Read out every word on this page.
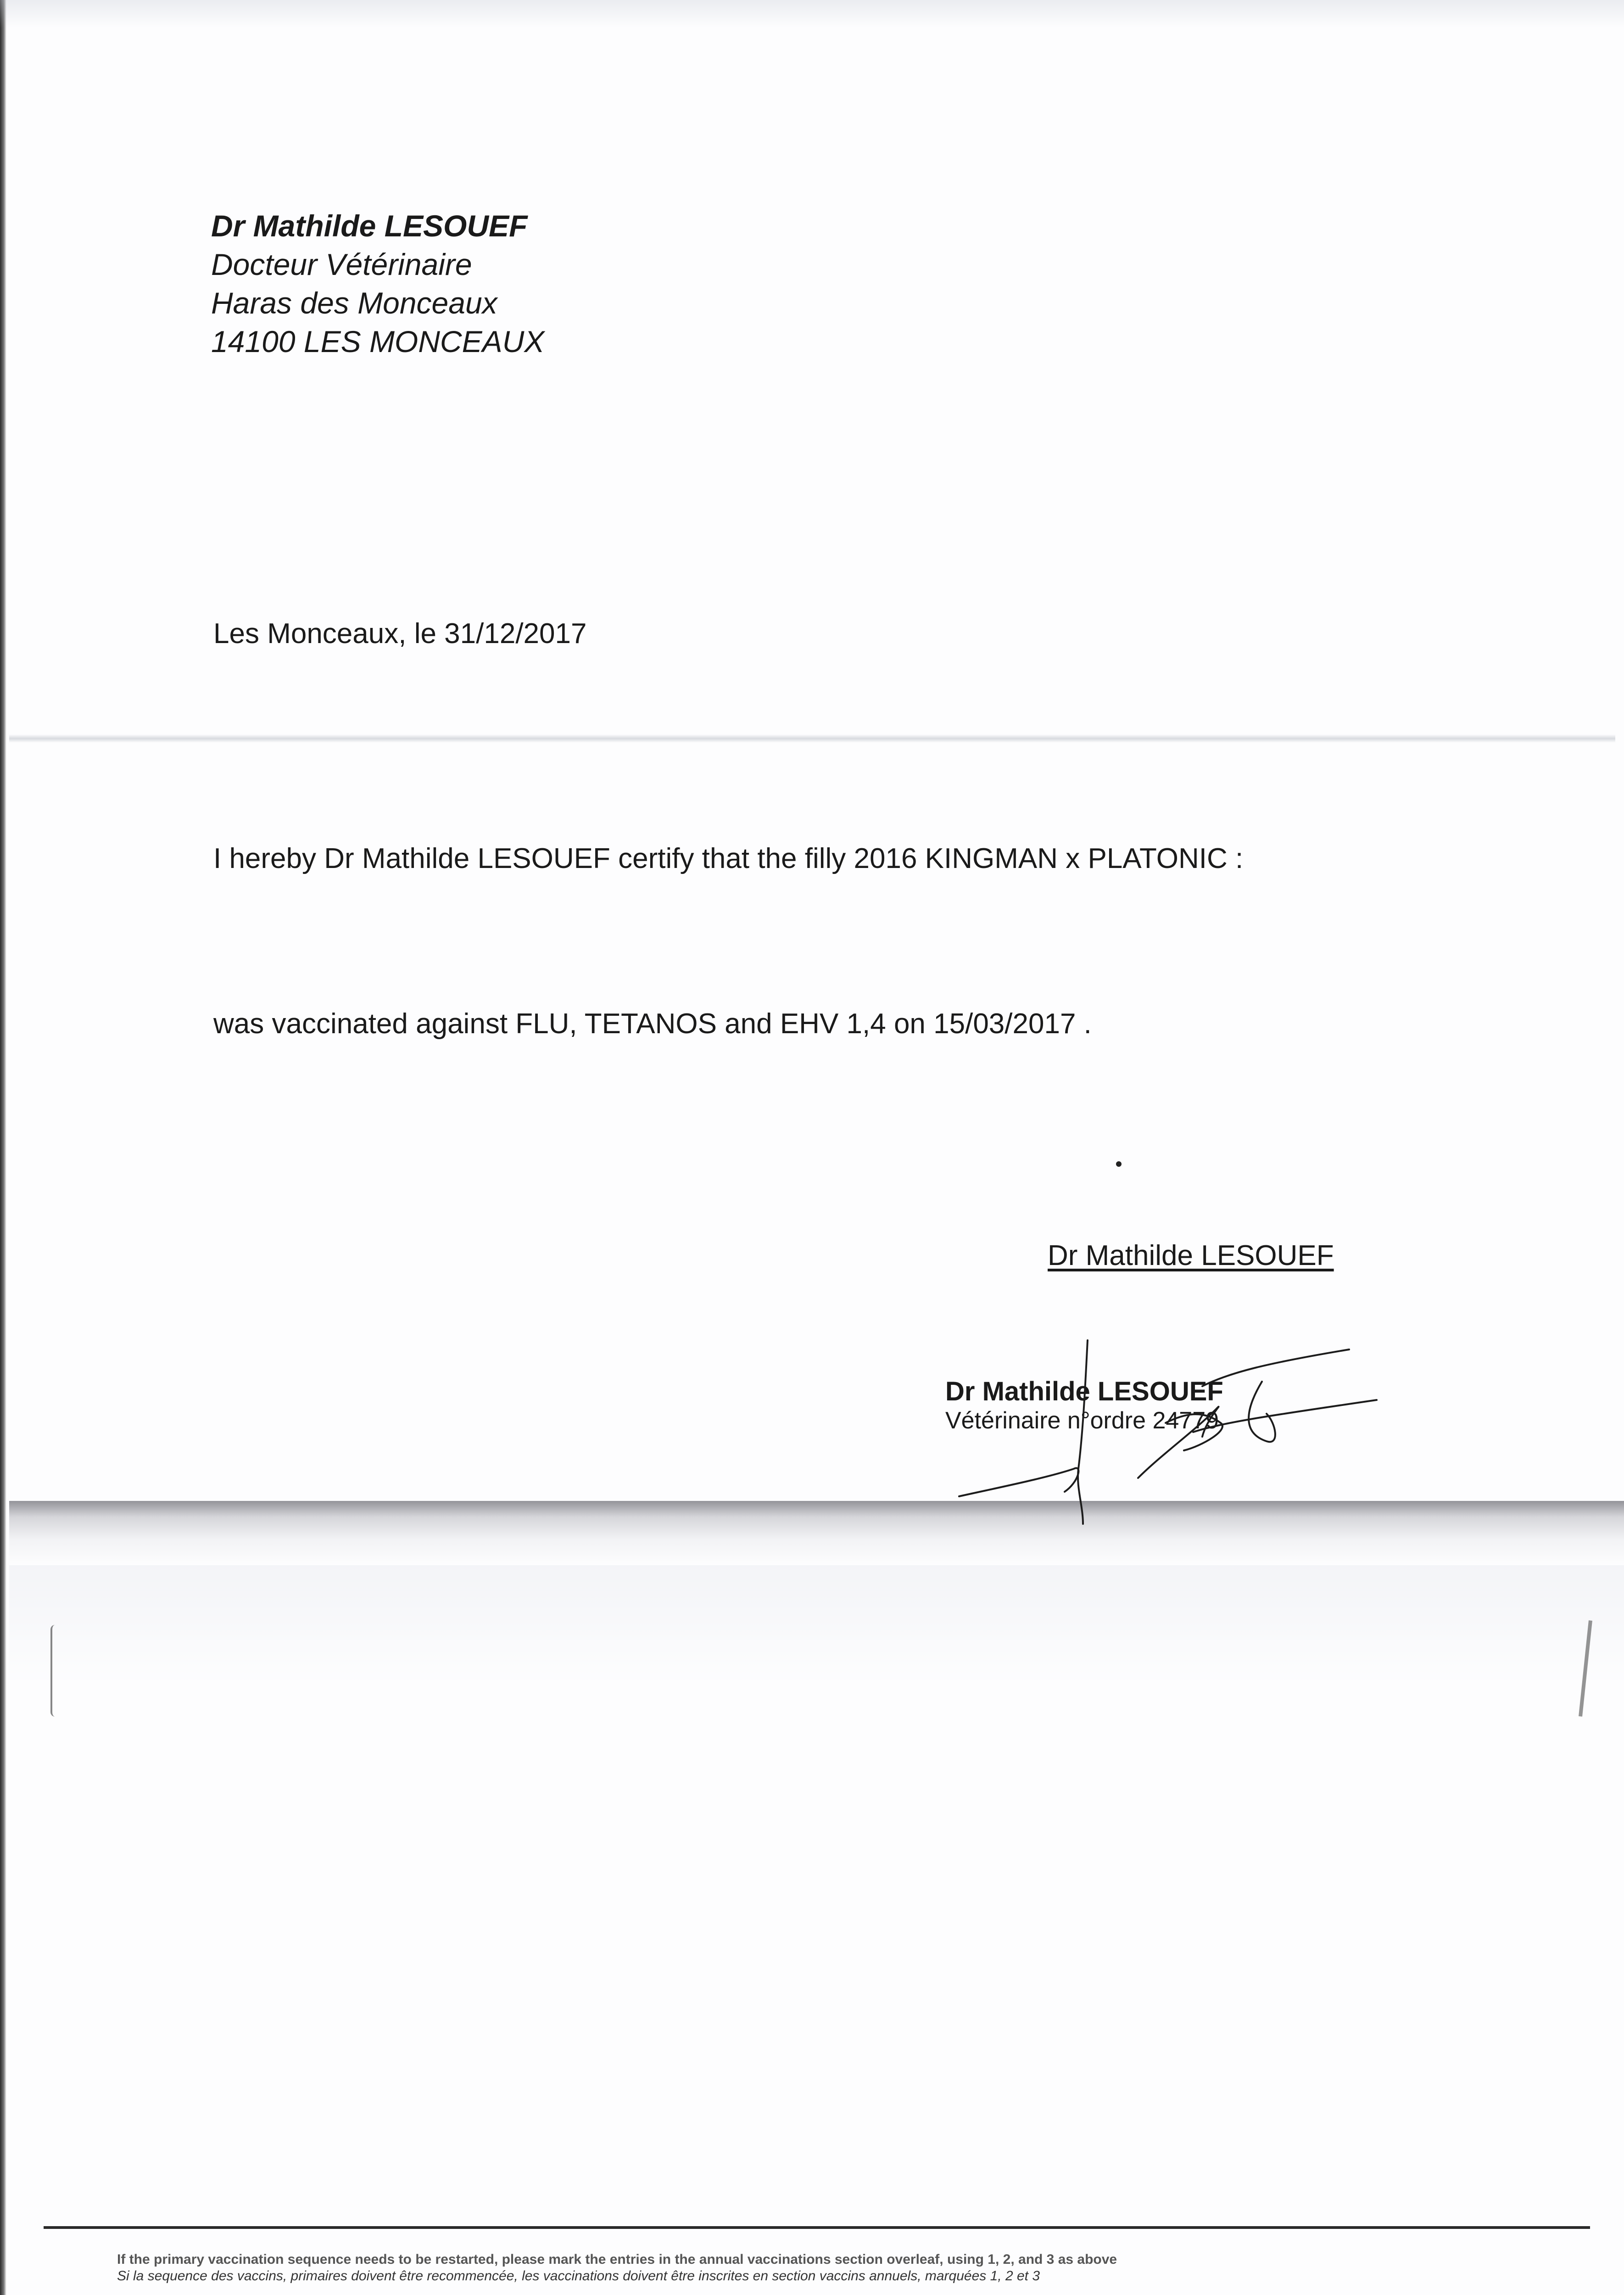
Dr Mathilde LESOUEF
Docteur Vétérinaire
Haras des Monceaux
14100 LES MONCEAUX
Les Monceaux, le 31/12/2017
I hereby Dr Mathilde LESOUEF certify that the filly 2016 KINGMAN x PLATONIC :
was vaccinated against FLU, TETANOS and EHV 1,4 on 15/03/2017 .
Dr Mathilde LESOUEF
Dr Mathilde LESOUEF
Vétérinaire n°ordre 24779
If the primary vaccination sequence needs to be restarted, please mark the entries in the annual vaccinations section overleaf, using 1, 2, and 3 as above
Si la sequence des vaccins, primaires doivent être recommencée, les vaccinations doivent être inscrites en section vaccins annuels, marquées 1, 2 et 3
